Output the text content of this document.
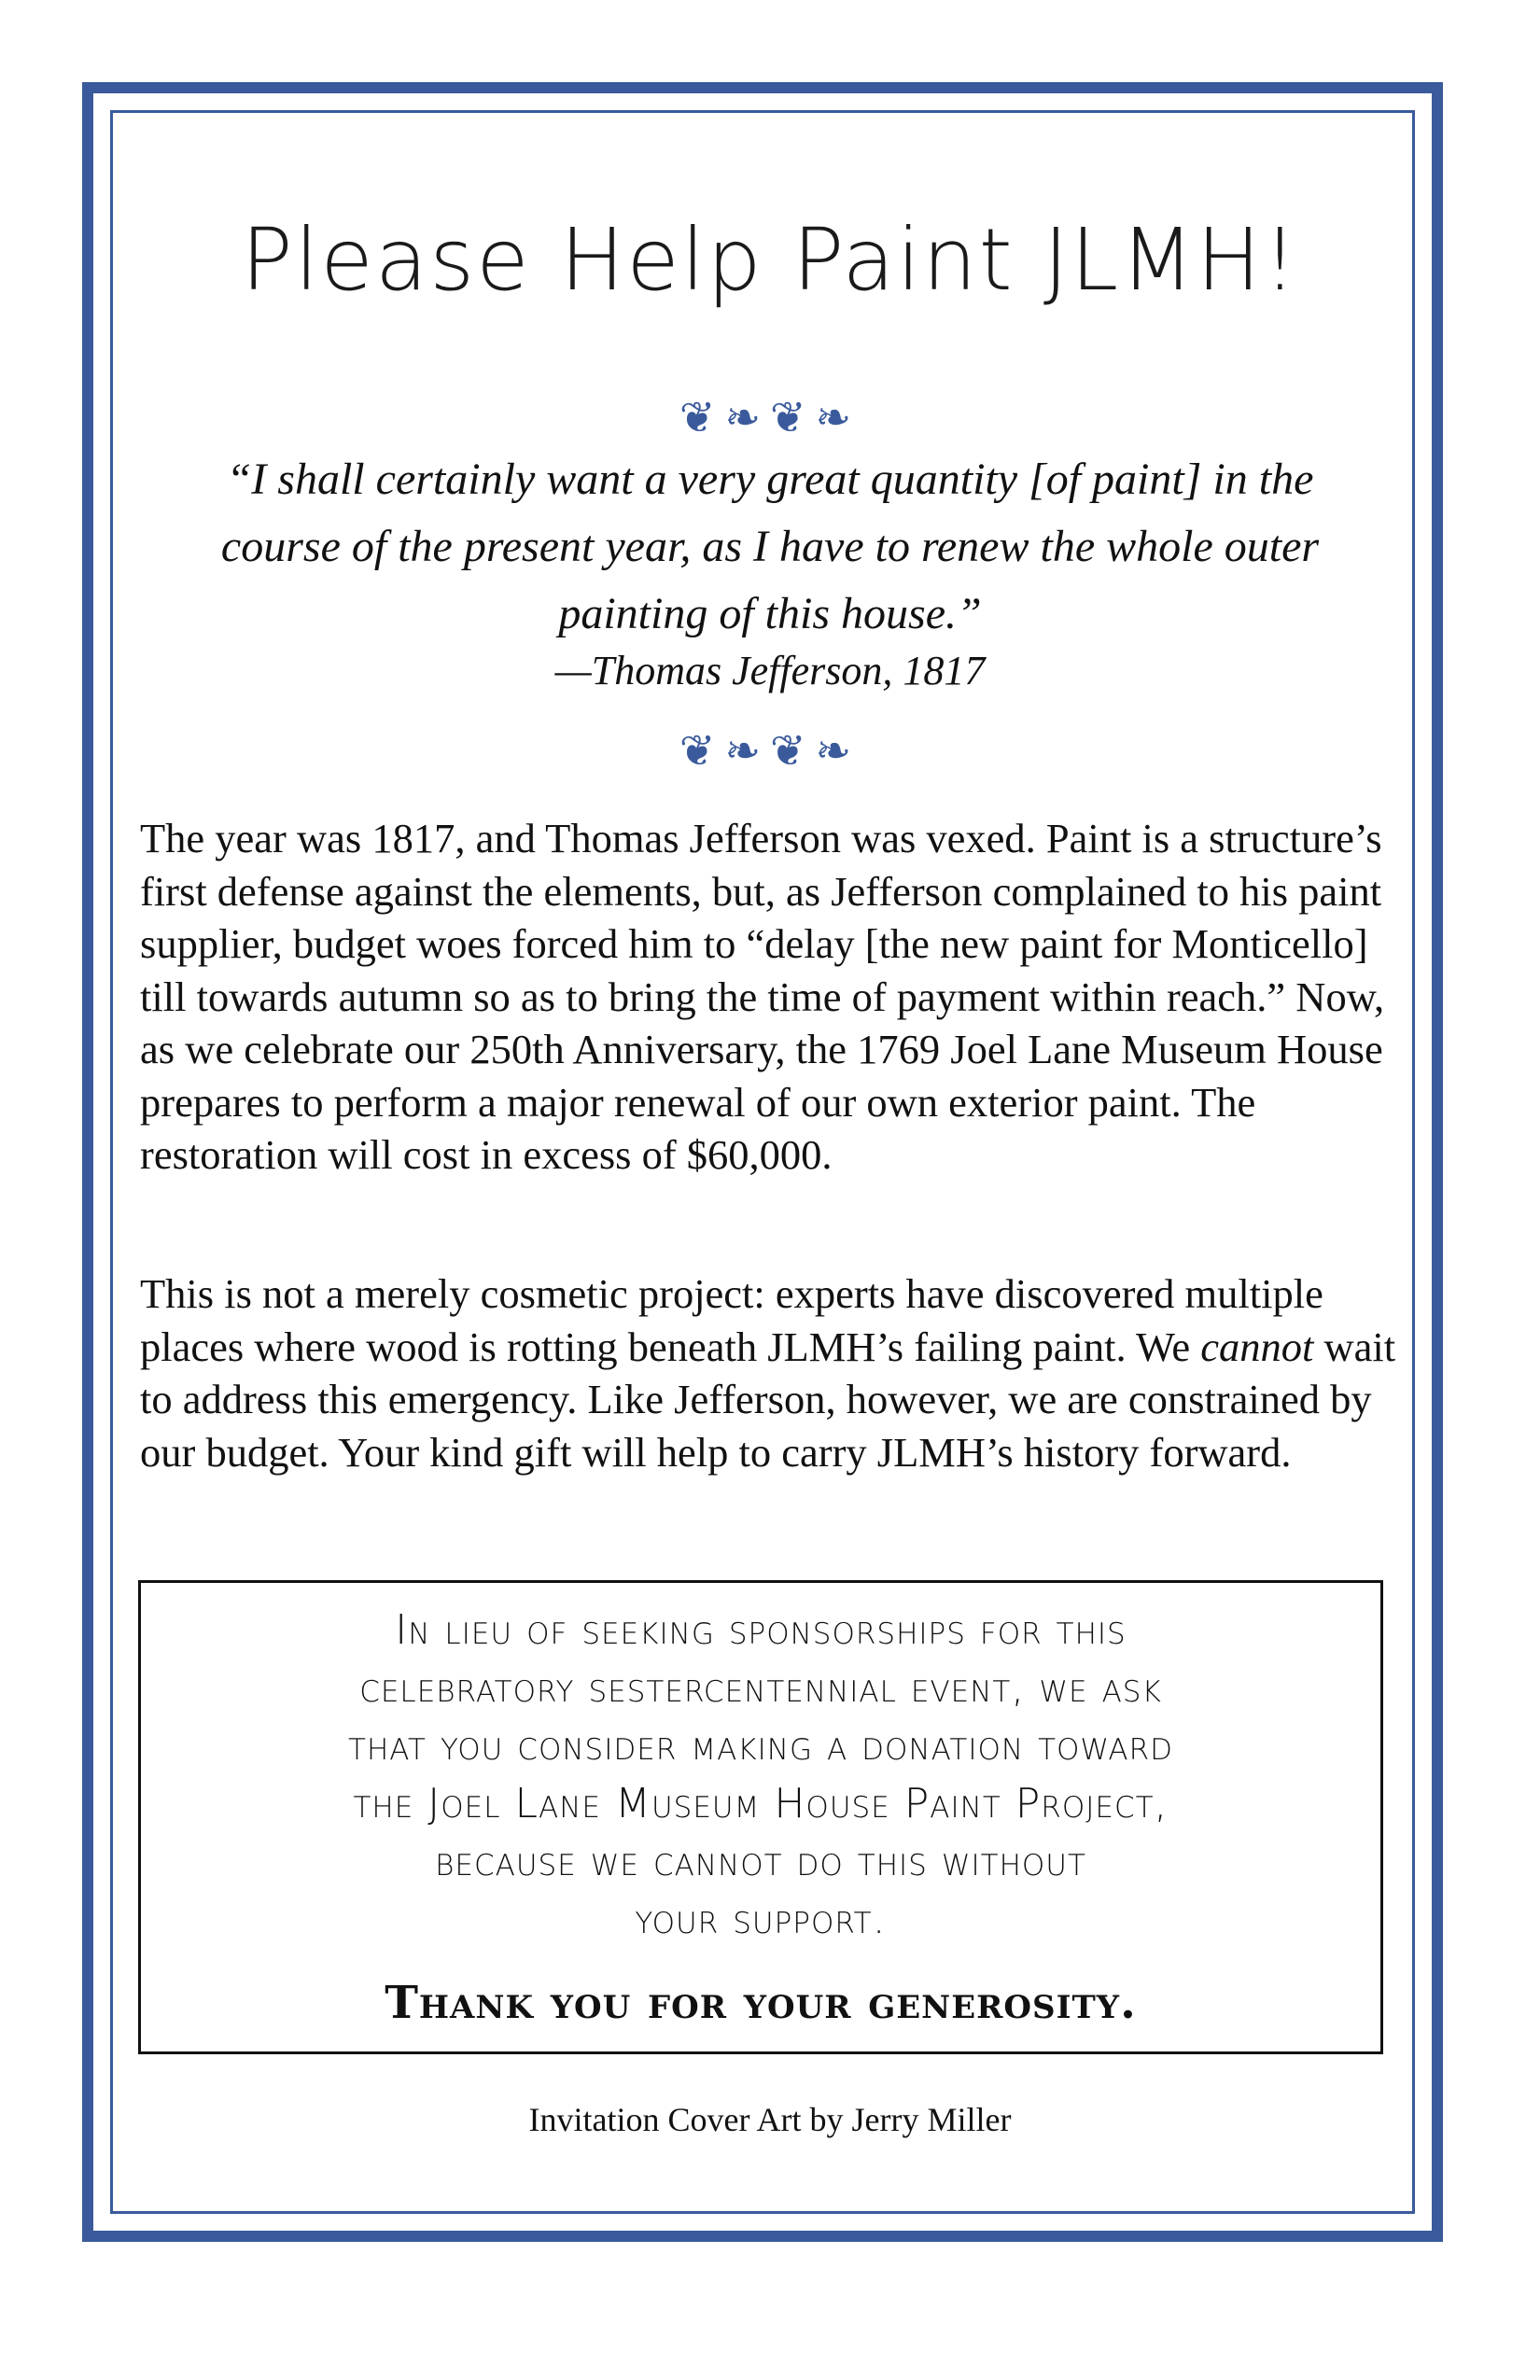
Please Help Paint JLMH!
❦❧❦❧

“I shall certainly want a very great quantity [of paint] in the course of the present year, as I have to renew the whole outer painting of this house.”

—Thomas Jefferson, 1817

❦❧❦❧

The year was 1817, and Thomas Jefferson was vexed. Paint is a structure’s first defense against the elements, but, as Jefferson complained to his paint supplier, budget woes forced him to “delay [the new paint for Monticello] till towards autumn so as to bring the time of payment within reach.” Now, as we celebrate our 250th Anniversary, the 1769 Joel Lane Museum House prepares to perform a major renewal of our own exterior paint. The restoration will cost in excess of $60,000.

This is not a merely cosmetic project: experts have discovered multiple places where wood is rotting beneath JLMH’s failing paint. We cannot wait to address this emergency. Like Jefferson, however, we are constrained by our budget. Your kind gift will help to carry JLMH’s history forward.

In lieu of seeking sponsorships for this
celebratory sestercentennial event, we ask
that you consider making a donation toward
the Joel Lane Museum House Paint Project,
because we cannot do this without
your support.
Thank you for your generosity.

Invitation Cover Art by Jerry Miller
